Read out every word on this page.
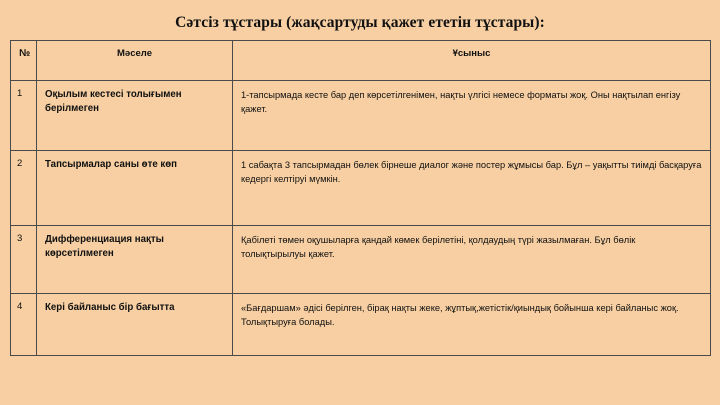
Сәтсіз тұстары (жақсартуды қажет ететін тұстары):
№	Мәселе	Ұсыныс
1	Оқылым кестесі толығымен берілмеген	1-тапсырмада кесте бар деп көрсетілгенімен, нақты үлгісі немесе форматы жоқ. Оны нақтылап енгізу қажет.
2	Тапсырмалар саны өте көп	1 сабақта 3 тапсырмадан бөлек бірнеше диалог және постер жұмысы бар. Бұл – уақытты тиімді басқаруға кедергі келтіруі мүмкін.
3	Дифференциация нақты көрсетілмеген	Қабілеті төмен оқушыларға қандай көмек берілетіні, қолдаудың түрі жазылмаған. Бұл бөлік толықтырылуы қажет.
4	Кері байланыс бір бағытта	«Бағдаршам» әдісі берілген, бірақ нақты жеке, жұптық,жетістік/қиындық бойынша кері байланыс жоқ. Толықтыруға болады.
